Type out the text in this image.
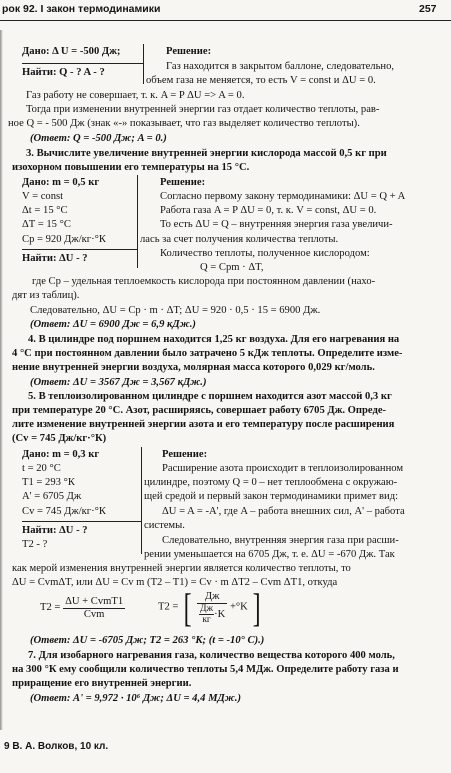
рок 92. I закон термодинамики	257
Дано: Δ U = -500 Дж;
Найти: Q - ? A - ?
Решение:
Газ находится в закрытом баллоне, следовательно,
объем газа не меняется, то есть V = const и ΔU = 0.
Газ работу не совершает, т. к. A = P ΔU => A = 0.
Тогда при изменении внутренней энергии газ отдает количество теплоты, рав-
ное Q = - 500 Дж (знак «-» показывает, что газ выделяет количество теплоты).
(Ответ: Q = -500 Дж; A = 0.)
3. Вычислите увеличение внутренней энергии кислорода массой 0,5 кг при
изохорном повышении его температуры на 15 °С.
Дано: m = 0,5 кг
V = const
Δt = 15 °С
ΔT = 15 °С
Cр = 920 Дж/кг·°К
Найти: ΔU - ?
Решение:
Согласно первому закону термодинамики: ΔU = Q + A
Работа газа A = P ΔU = 0, т. к. V = const, ΔU = 0.
То есть ΔU = Q – внутренняя энергия газа увеличи-
лась за счет получения количества теплоты.
Количество теплоты, полученное кислородом:
Q = Cрm · ΔT,
где Cр – удельная теплоемкость кислорода при постоянном давлении (нахо-
дят из таблиц).
Следовательно, ΔU = Cр · m · ΔT; ΔU = 920 · 0,5 · 15 = 6900 Дж.
(Ответ: ΔU = 6900 Дж = 6,9 кДж.)
4. В цилиндре под поршнем находится 1,25 кг воздуха. Для его нагревания на
4 °С при постоянном давлении было затрачено 5 кДж теплоты. Определите изме-
нение внутренней энергии воздуха, молярная масса которого 0,029 кг/моль.
(Ответ: ΔU = 3567 Дж = 3,567 кДж.)
5. В теплоизолированном цилиндре с поршнем находится азот массой 0,3 кг
при температуре 20 °С. Азот, расширяясь, совершает работу 6705 Дж. Опреде-
лите изменение внутренней энергии азота и его температуру после расширения
(Cv = 745 Дж/кг·°К)
Дано: m = 0,3 кг
t = 20 °С
T1 = 293 °К
A' = 6705 Дж
Cv = 745 Дж/кг·°К
Найти: ΔU - ?
T2 - ?
Решение:
Расширение азота происходит в теплоизолированном
цилиндре, поэтому Q = 0 – нет теплообмена с окружаю-
щей средой и первый закон термодинамики примет вид:
ΔU = A = -A', где A – работа внешних сил, A' – работа
системы.
Следовательно, внутренняя энергия газа при расши-
рении уменьшается на 6705 Дж, т. е. ΔU = -670 Дж. Так
как мерой изменения внутренней энергии является количество теплоты, то
ΔU = CvmΔT, или ΔU = Cv m (T2 – T1) = Cv · m ΔT2 – Cvm ΔT1, откуда
$T2 = \frac{\text{ΔU + CvmT1}}{\text{Cvm}}$	T2 = [ $\frac{Дж}{\frac{Дж}{кг} \cdot K} +^\circ K$ ]
(Ответ: ΔU = -6705 Дж; T2 = 263 °К; (t = -10° С).)
7. Для изобарного нагревания газа, количество вещества которого 400 моль,
на 300 °К ему сообщили количество теплоты 5,4 МДж. Определите работу газа и
приращение его внутренней энергии.
(Ответ: A' = 9,972 · 10⁶ Дж; ΔU = 4,4 МДж.)
9 В. А. Волков, 10 кл.
